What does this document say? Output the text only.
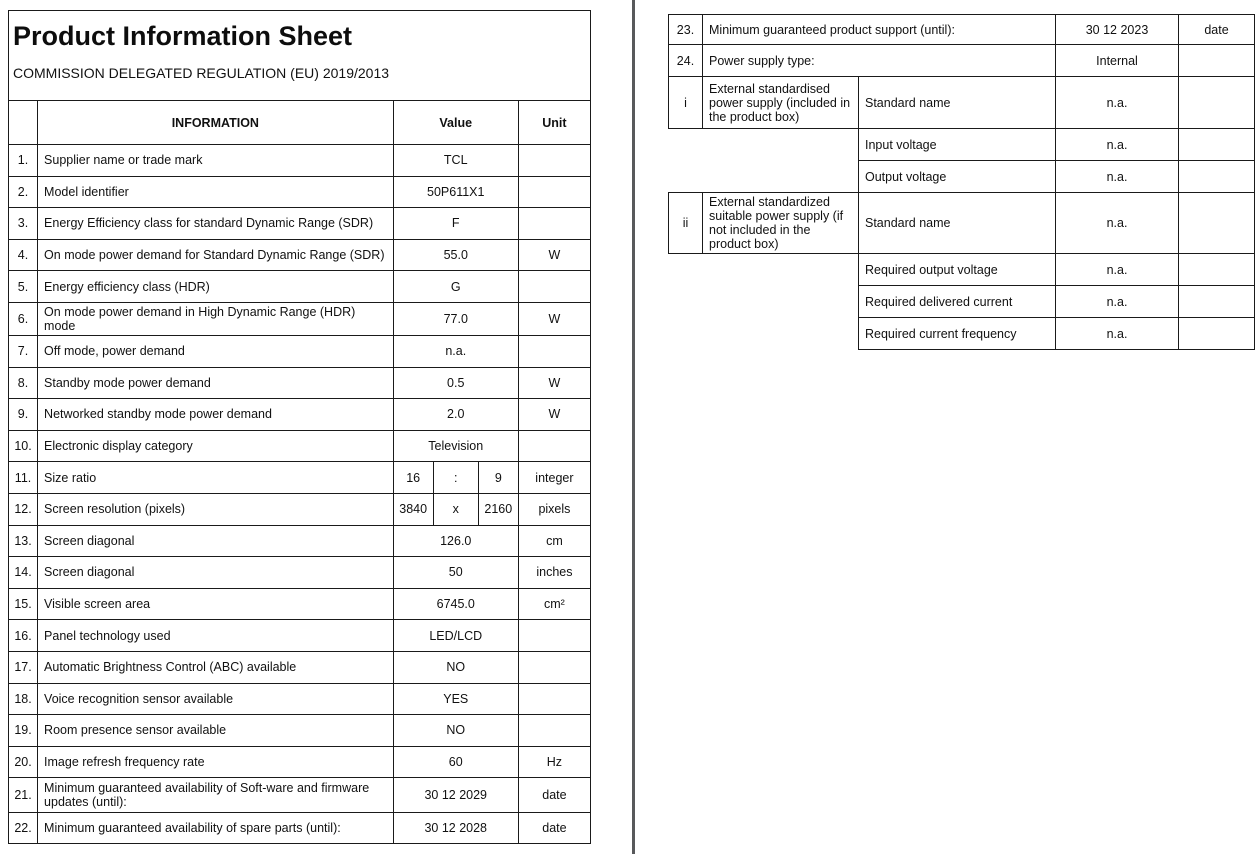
Product Information Sheet
COMMISSION DELEGATED REGULATION (EU) 2019/2013
	INFORMATION	Value			Unit
1.	Supplier name or trade mark	TCL			
2.	Model identifier	50P611X1			
3.	Energy Efficiency class for standard Dynamic Range (SDR)	F			
4.	On mode power demand for Standard Dynamic Range (SDR)	55.0			W
5.	Energy efficiency class (HDR)	G			
6.	On mode power demand in High Dynamic Range (HDR) mode	77.0			W
7.	Off mode, power demand	n.a.			
8.	Standby mode power demand	0.5			W
9.	Networked standby mode power demand	2.0			W
10.	Electronic display category	Television			
11.	Size ratio	16	:	9	integer
12.	Screen resolution (pixels)	3840	x	2160	pixels
13.	Screen diagonal	126.0			cm
14.	Screen diagonal	50			inches
15.	Visible screen area	6745.0			cm²
16.	Panel technology used	LED/LCD			
17.	Automatic Brightness Control (ABC) available	NO			
18.	Voice recognition sensor available	YES			
19.	Room presence sensor available	NO			
20.	Image refresh frequency rate	60			Hz
21.	Minimum guaranteed availability of Soft-ware and firmware updates (until):	30 12 2029			date
22.	Minimum guaranteed availability of spare parts (until):	30 12 2028			date
23.	Minimum guaranteed product support (until):		30 12 2023	date
24.	Power supply type:		Internal	
i	External standardised power supply (included in the product box)	Standard name	n.a.	
		Input voltage	n.a.	
		Output voltage	n.a.	
ii	External standardized suitable power supply (if not included in the product box)	Standard name	n.a.	
		Required output voltage	n.a.	
		Required delivered current	n.a.	
		Required current frequency	n.a.	
